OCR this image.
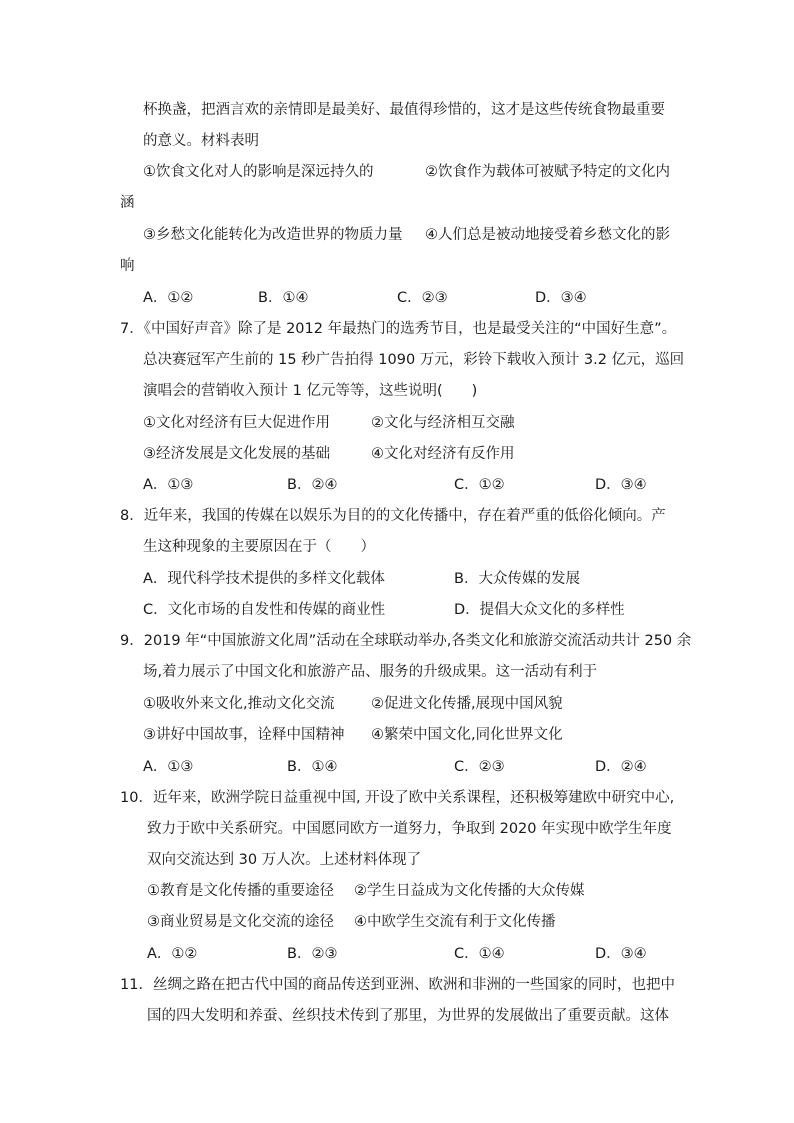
杯换盏，把酒言欢的亲情即是最美好、最值得珍惜的，这才是这些传统食物最重要
的意义。材料表明
①饮食文化对人的影响是深远持久的	②饮食作为载体可被赋予特定的文化内
涵
③乡愁文化能转化为改造世界的物质力量 ④人们总是被动地接受着乡愁文化的影
响
A．①②	B．①④	C．②③	D．③④
7．《中国好声音》除了是 2012 年最热门的选秀节目，也是最受关注的“中国好生意”。
总决赛冠军产生前的 15 秒广告拍得 1090 万元，彩铃下载收入预计 3.2 亿元，巡回
演唱会的营销收入预计 1 亿元等等，这些说明(　　)
①文化对经济有巨大促进作用	②文化与经济相互交融
③经济发展是文化发展的基础	④文化对经济有反作用
A．①③	B．②④	C．①②	D．③④
8．近年来，我国的传媒在以娱乐为目的的文化传播中，存在着严重的低俗化倾向。产
生这种现象的主要原因在于（　　）
A．现代科学技术提供的多样文化载体	B．大众传媒的发展
C．文化市场的自发性和传媒的商业性	D．提倡大众文化的多样性
9．2019 年“中国旅游文化周”活动在全球联动举办,各类文化和旅游交流活动共计 250 余
场,着力展示了中国文化和旅游产品、服务的升级成果。这一活动有利于
①吸收外来文化,推动文化交流	②促进文化传播,展现中国风貌
③讲好中国故事，诠释中国精神 ④繁荣中国文化,同化世界文化
A．①③	B．①④	C．②③	D．②④
10．近年来，欧洲学院日益重视中国, 开设了欧中关系课程，还积极筹建欧中研究中心,
致力于欧中关系研究。中国愿同欧方一道努力，争取到 2020 年实现中欧学生年度
双向交流达到 30 万人次。上述材料体现了
①教育是文化传播的重要途径 ②学生日益成为文化传播的大众传媒
③商业贸易是文化交流的途径 ④中欧学生交流有利于文化传播
A．①②	B．②③	C．①④	D．③④
11．丝绸之路在把古代中国的商品传送到亚洲、欧洲和非洲的一些国家的同时，也把中
国的四大发明和养蚕、丝织技术传到了那里，为世界的发展做出了重要贡献。这体
